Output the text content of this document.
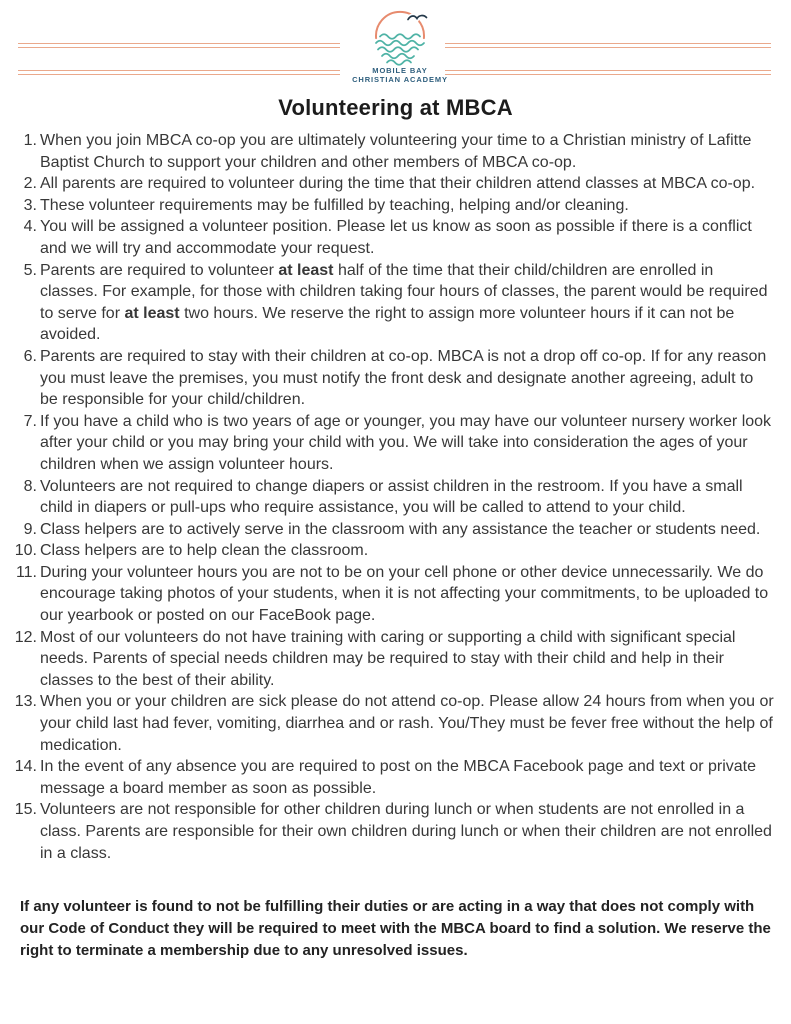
MOBILE BAY
CHRISTIAN ACADEMY
Volunteering at MBCA
1. When you join MBCA co-op you are ultimately volunteering your time to a Christian ministry of Lafitte Baptist Church to support your children and other members of MBCA co-op.
2. All parents are required to volunteer during the time that their children attend classes at MBCA co-op.
3. These volunteer requirements may be fulfilled by teaching, helping and/or cleaning.
4. You will be assigned a volunteer position. Please let us know as soon as possible if there is a conflict and we will try and accommodate your request.
5. Parents are required to volunteer at least half of the time that their child/children are enrolled in classes. For example, for those with children taking four hours of classes, the parent would be required to serve for at least two hours. We reserve the right to assign more volunteer hours if it can not be avoided.
6. Parents are required to stay with their children at co-op. MBCA is not a drop off co-op. If for any reason you must leave the premises, you must notify the front desk and designate another agreeing, adult to be responsible for your child/children.
7. If you have a child who is two years of age or younger, you may have our volunteer nursery worker look after your child or you may bring your child with you. We will take into consideration the ages of your children when we assign volunteer hours.
8. Volunteers are not required to change diapers or assist children in the restroom. If you have a small child in diapers or pull-ups who require assistance, you will be called to attend to your child.
9. Class helpers are to actively serve in the classroom with any assistance the teacher or students need.
10. Class helpers are to help clean the classroom.
11. During your volunteer hours you are not to be on your cell phone or other device unnecessarily. We do encourage taking photos of your students, when it is not affecting your commitments, to be uploaded to our yearbook or posted on our FaceBook page.
12. Most of our volunteers do not have training with caring or supporting a child with significant special needs. Parents of special needs children may be required to stay with their child and help in their classes to the best of their ability.
13. When you or your children are sick please do not attend co-op. Please allow 24 hours from when you or your child last had fever, vomiting, diarrhea and or rash. You/They must be fever free without the help of medication.
14. In the event of any absence you are required to post on the MBCA Facebook page and text or private message a board member as soon as possible.
15. Volunteers are not responsible for other children during lunch or when students are not enrolled in a class. Parents are responsible for their own children during lunch or when their children are not enrolled in a class.

If any volunteer is found to not be fulfilling their duties or are acting in a way that does not comply with our Code of Conduct they will be required to meet with the MBCA board to find a solution. We reserve the right to terminate a membership due to any unresolved issues.
